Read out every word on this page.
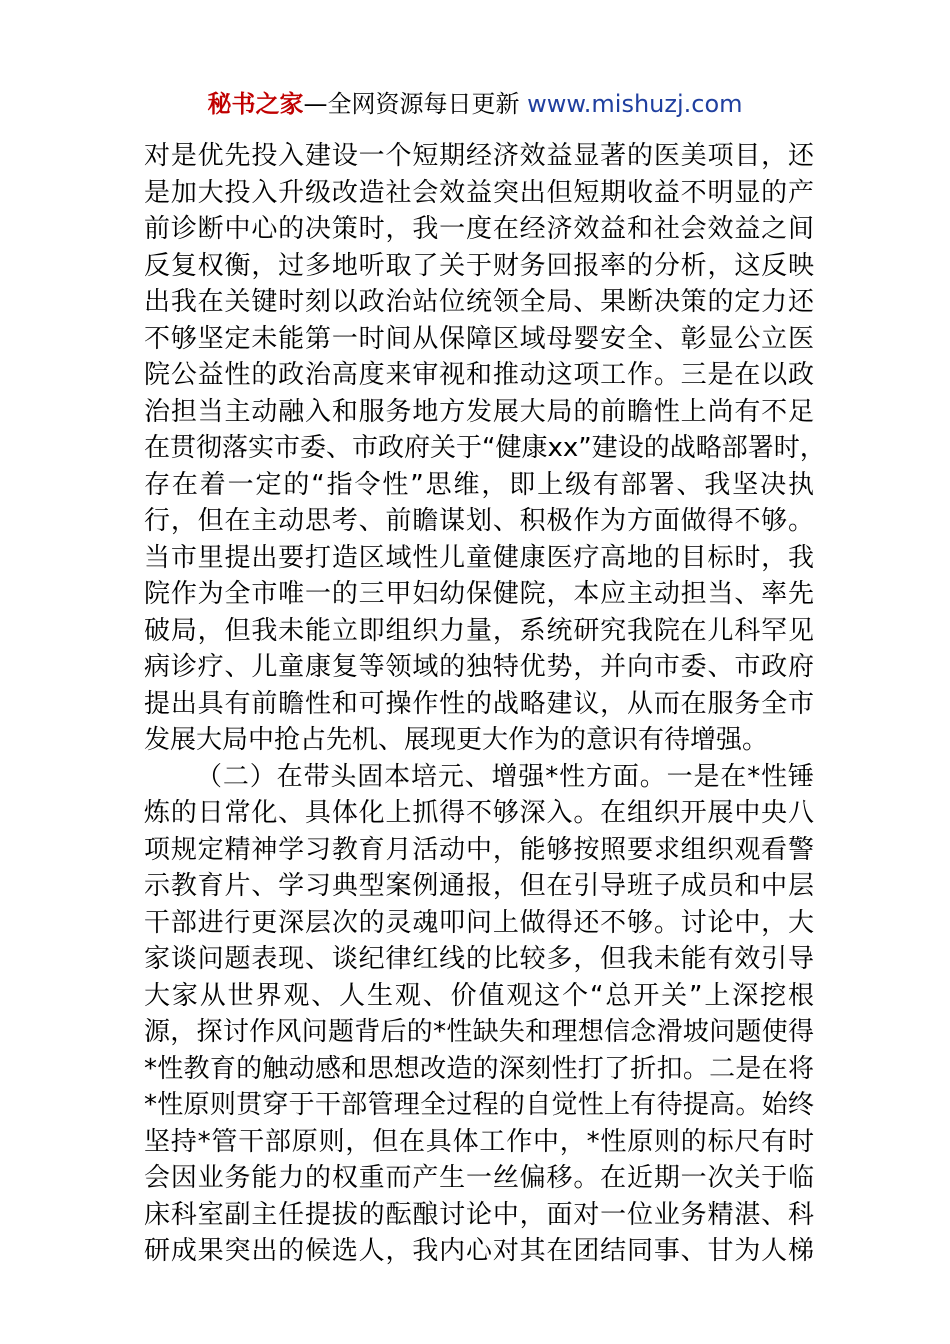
秘书之家—全网资源每日更新 www.mishuzj.com
对是优先投入建设一个短期经济效益显著的医美项目，还
是加大投入升级改造社会效益突出但短期收益不明显的产
前诊断中心的决策时，我一度在经济效益和社会效益之间
反复权衡，过多地听取了关于财务回报率的分析，这反映
出我在关键时刻以政治站位统领全局、果断决策的定力还
不够坚定未能第一时间从保障区域母婴安全、彰显公立医
院公益性的政治高度来审视和推动这项工作。三是在以政
治担当主动融入和服务地方发展大局的前瞻性上尚有不足
在贯彻落实市委、市政府关于“健康xx”建设的战略部署时，
存在着一定的“指令性”思维，即上级有部署、我坚决执
行，但在主动思考、前瞻谋划、积极作为方面做得不够。
当市里提出要打造区域性儿童健康医疗高地的目标时，我
院作为全市唯一的三甲妇幼保健院，本应主动担当、率先
破局，但我未能立即组织力量，系统研究我院在儿科罕见
病诊疗、儿童康复等领域的独特优势，并向市委、市政府
提出具有前瞻性和可操作性的战略建议，从而在服务全市
发展大局中抢占先机、展现更大作为的意识有待增强。
（二）在带头固本培元、增强*性方面。一是在*性锤
炼的日常化、具体化上抓得不够深入。在组织开展中央八
项规定精神学习教育月活动中，能够按照要求组织观看警
示教育片、学习典型案例通报，但在引导班子成员和中层
干部进行更深层次的灵魂叩问上做得还不够。讨论中，大
家谈问题表现、谈纪律红线的比较多，但我未能有效引导
大家从世界观、人生观、价值观这个“总开关”上深挖根
源，探讨作风问题背后的*性缺失和理想信念滑坡问题使得
*性教育的触动感和思想改造的深刻性打了折扣。二是在将
*性原则贯穿于干部管理全过程的自觉性上有待提高。始终
坚持*管干部原则，但在具体工作中，*性原则的标尺有时
会因业务能力的权重而产生一丝偏移。在近期一次关于临
床科室副主任提拔的酝酿讨论中，面对一位业务精湛、科
研成果突出的候选人，我内心对其在团结同事、甘为人梯
